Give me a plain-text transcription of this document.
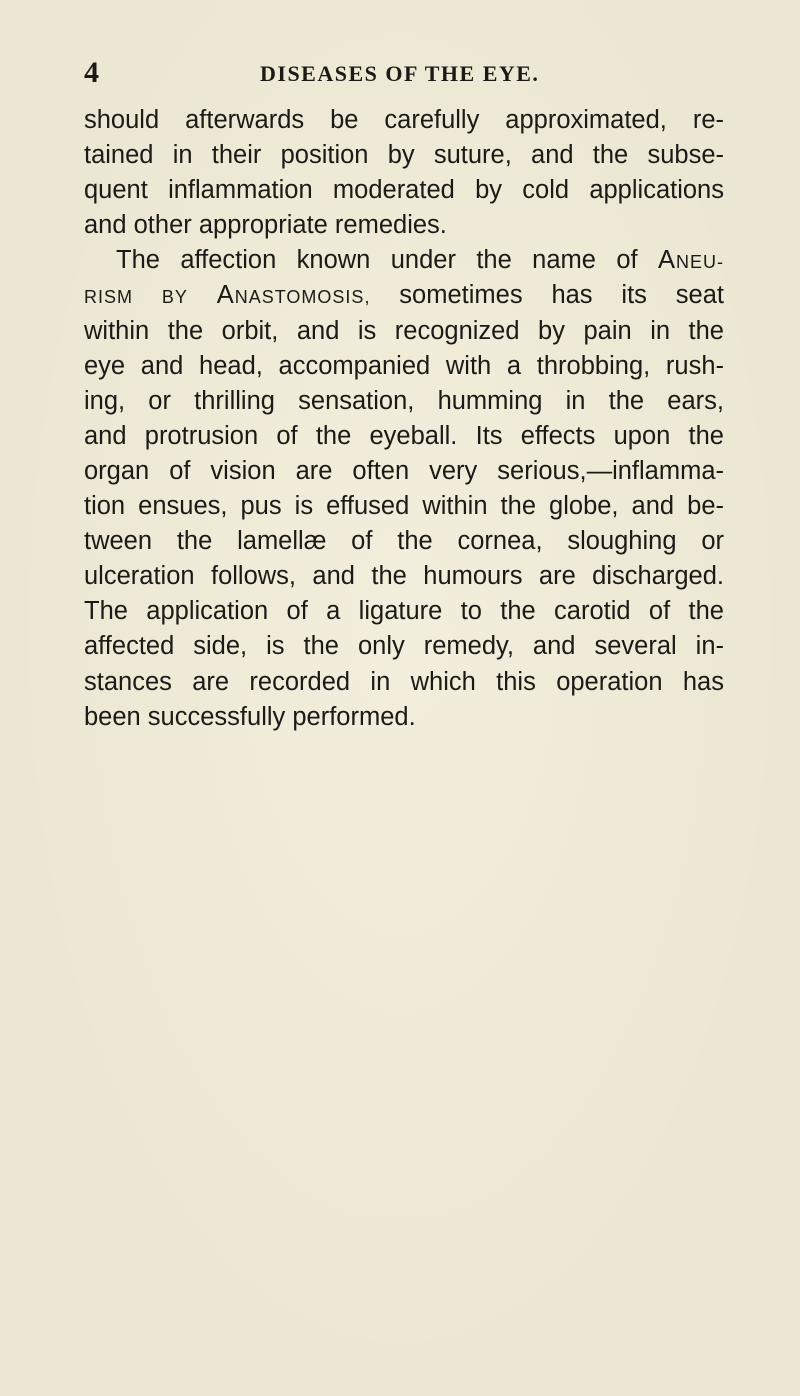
4	DISEASES OF THE EYE.
should afterwards be carefully approximated, re-
tained in their position by suture, and the subse-
quent inflammation moderated by cold applications
and other appropriate remedies.
The affection known under the name of ANEU-
RISM BY ANASTOMOSIS, sometimes has its seat
within the orbit, and is recognized by pain in the
eye and head, accompanied with a throbbing, rush-
ing, or thrilling sensation, humming in the ears,
and protrusion of the eyeball. Its effects upon the
organ of vision are often very serious,—inflamma-
tion ensues, pus is effused within the globe, and be-
tween the lamellæ of the cornea, sloughing or
ulceration follows, and the humours are discharged.
The application of a ligature to the carotid of the
affected side, is the only remedy, and several in-
stances are recorded in which this operation has
been successfully performed.
